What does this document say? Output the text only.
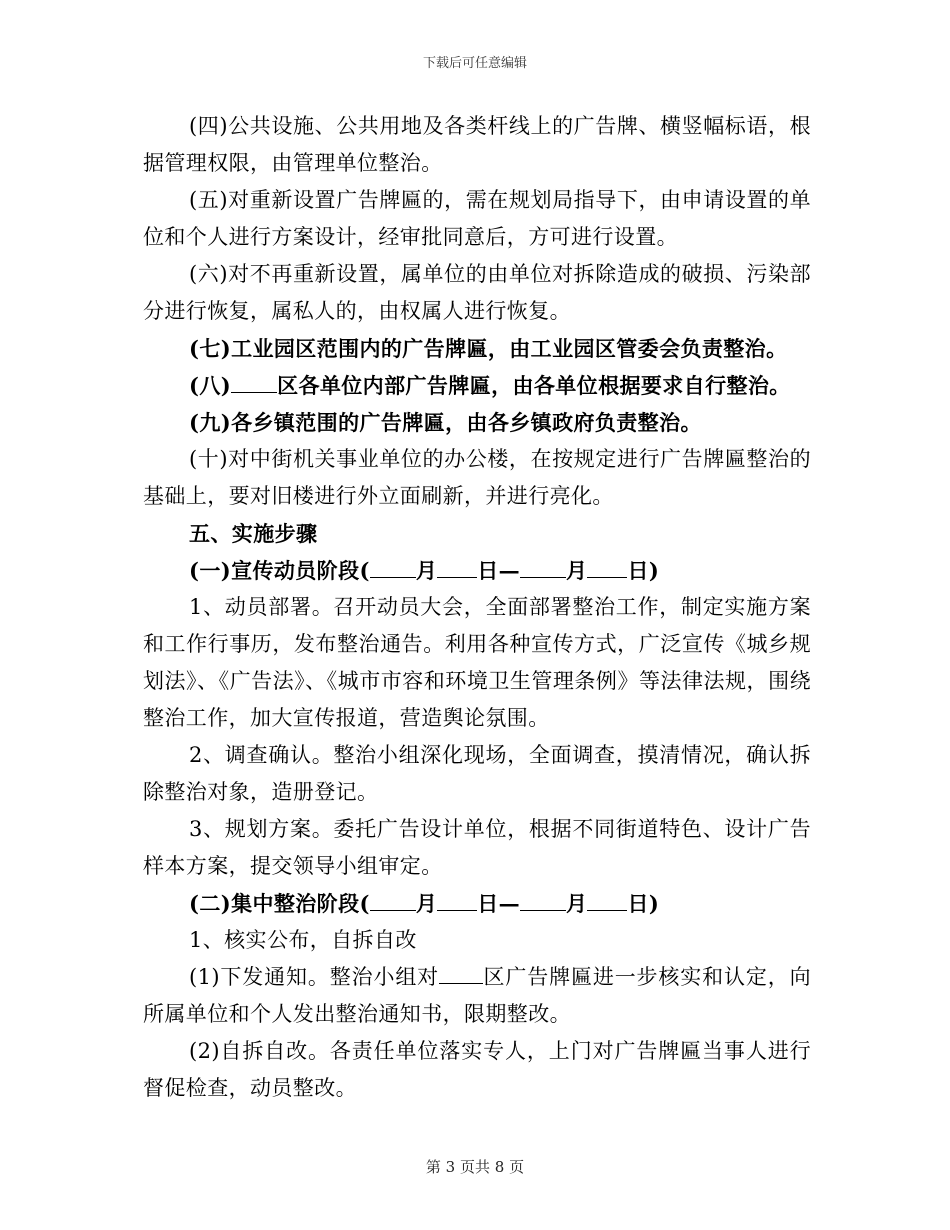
下载后可任意编辑

(四)公共设施、公共用地及各类杆线上的广告牌、横竖幅标语，根据管理权限，由管理单位整治。

(五)对重新设置广告牌匾的，需在规划局指导下，由申请设置的单位和个人进行方案设计，经审批同意后，方可进行设置。

(六)对不再重新设置，属单位的由单位对拆除造成的破损、污染部分进行恢复，属私人的，由权属人进行恢复。

(七)工业园区范围内的广告牌匾，由工业园区管委会负责整治。

(八) 区各单位内部广告牌匾，由各单位根据要求自行整治。

(九)各乡镇范围的广告牌匾，由各乡镇政府负责整治。

(十)对中街机关事业单位的办公楼，在按规定进行广告牌匾整治的基础上，要对旧楼进行外立面刷新，并进行亮化。

五、实施步骤

(一)宣传动员阶段( 月 日— 月 日)

1、动员部署。召开动员大会，全面部署整治工作，制定实施方案和工作行事历，发布整治通告。利用各种宣传方式，广泛宣传《城乡规划法》、《广告法》、《城市市容和环境卫生管理条例》等法律法规，围绕整治工作，加大宣传报道，营造舆论氛围。

2、调查确认。整治小组深化现场，全面调查，摸清情况，确认拆除整治对象，造册登记。

3、规划方案。委托广告设计单位，根据不同街道特色、设计广告样本方案，提交领导小组审定。

(二)集中整治阶段( 月 日— 月 日)

1、核实公布，自拆自改

(1)下发通知。整治小组对 区广告牌匾进一步核实和认定，向所属单位和个人发出整治通知书，限期整改。

(2)自拆自改。各责任单位落实专人，上门对广告牌匾当事人进行督促检查，动员整改。

第 3 页共 8 页
